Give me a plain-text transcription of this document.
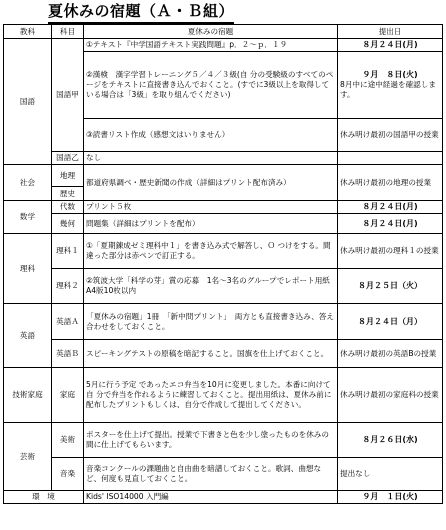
夏休みの宿題（Ａ・Ｂ組）
教科	科目	夏休みの宿題	提出日
国語	国語甲	①テキスト『中学国語テキスト実践問題』p．２～ｐ．１９	８月２４日(月)
		②漢検　漢字学習トレーニング５／４／３級(自 分の受験級のすべてのページをテキストに直接書き込んでおくこと。(すでに3級以上を取得している場合は「3級」を取り組んでください)	９月　８日(火)
8月中に途中経過を確認します。

		③読書リスト作成（感想文はいりません）	休み明け最初の国語甲の授業
	国語乙	なし	
社会	地理	都道府県調べ・歴史新聞の作成（詳細はプリント配布済み）	休み明け最初の地理の授業
	歴史		
数学	代数	プリント５枚	８月２４日(月)
	幾何	問題集（詳細はプリントを配布）	８月２４日(月)
理科	理科１	①「夏期錬成ゼミ理科中１」を書き込み式で解答し、Ｏ つけをする。間違った部分は赤ペンで訂正する。	休み明け最初の理科１の授業
	理科２	②筑波大学「科学の芽」賞の応募　1名～3名のグループでレポート用紙A4版10枚以内	８月２５日（火）
英語	英語Ａ	「夏休みの宿題」1冊　「新中問プリント」　両方とも直接書き込み、答え合わせをしておくこと。	８月２４日（月）
	英語Ｂ	スピーキングテストの原稿を暗記すること。国旗を仕上げておくこと。	休み明け最初の英語Bの授業
技術家庭	家庭	5月に行う予定 であったエコ弁当を10月に変更しました。本番に向けて自 分で弁当を作れるように練習しておくこと。提出用紙は、夏休み前に配布したプリントもしくは、自分で作成して提出してください。	休み明け最初の家庭科の授業
芸術	美術	ポスターを仕上げて提出。授業で下書きと色を少し塗ったものを休みの間に仕上げてもらいます。	８月２６日(水)
	音楽	音楽コンクールの課題曲と自由曲を暗譜しておくこと。歌詞、曲想など、何度も見直しておくこと。	提出なし
環　境		Kids' ISO14000 入門編	９月　１日(火)
